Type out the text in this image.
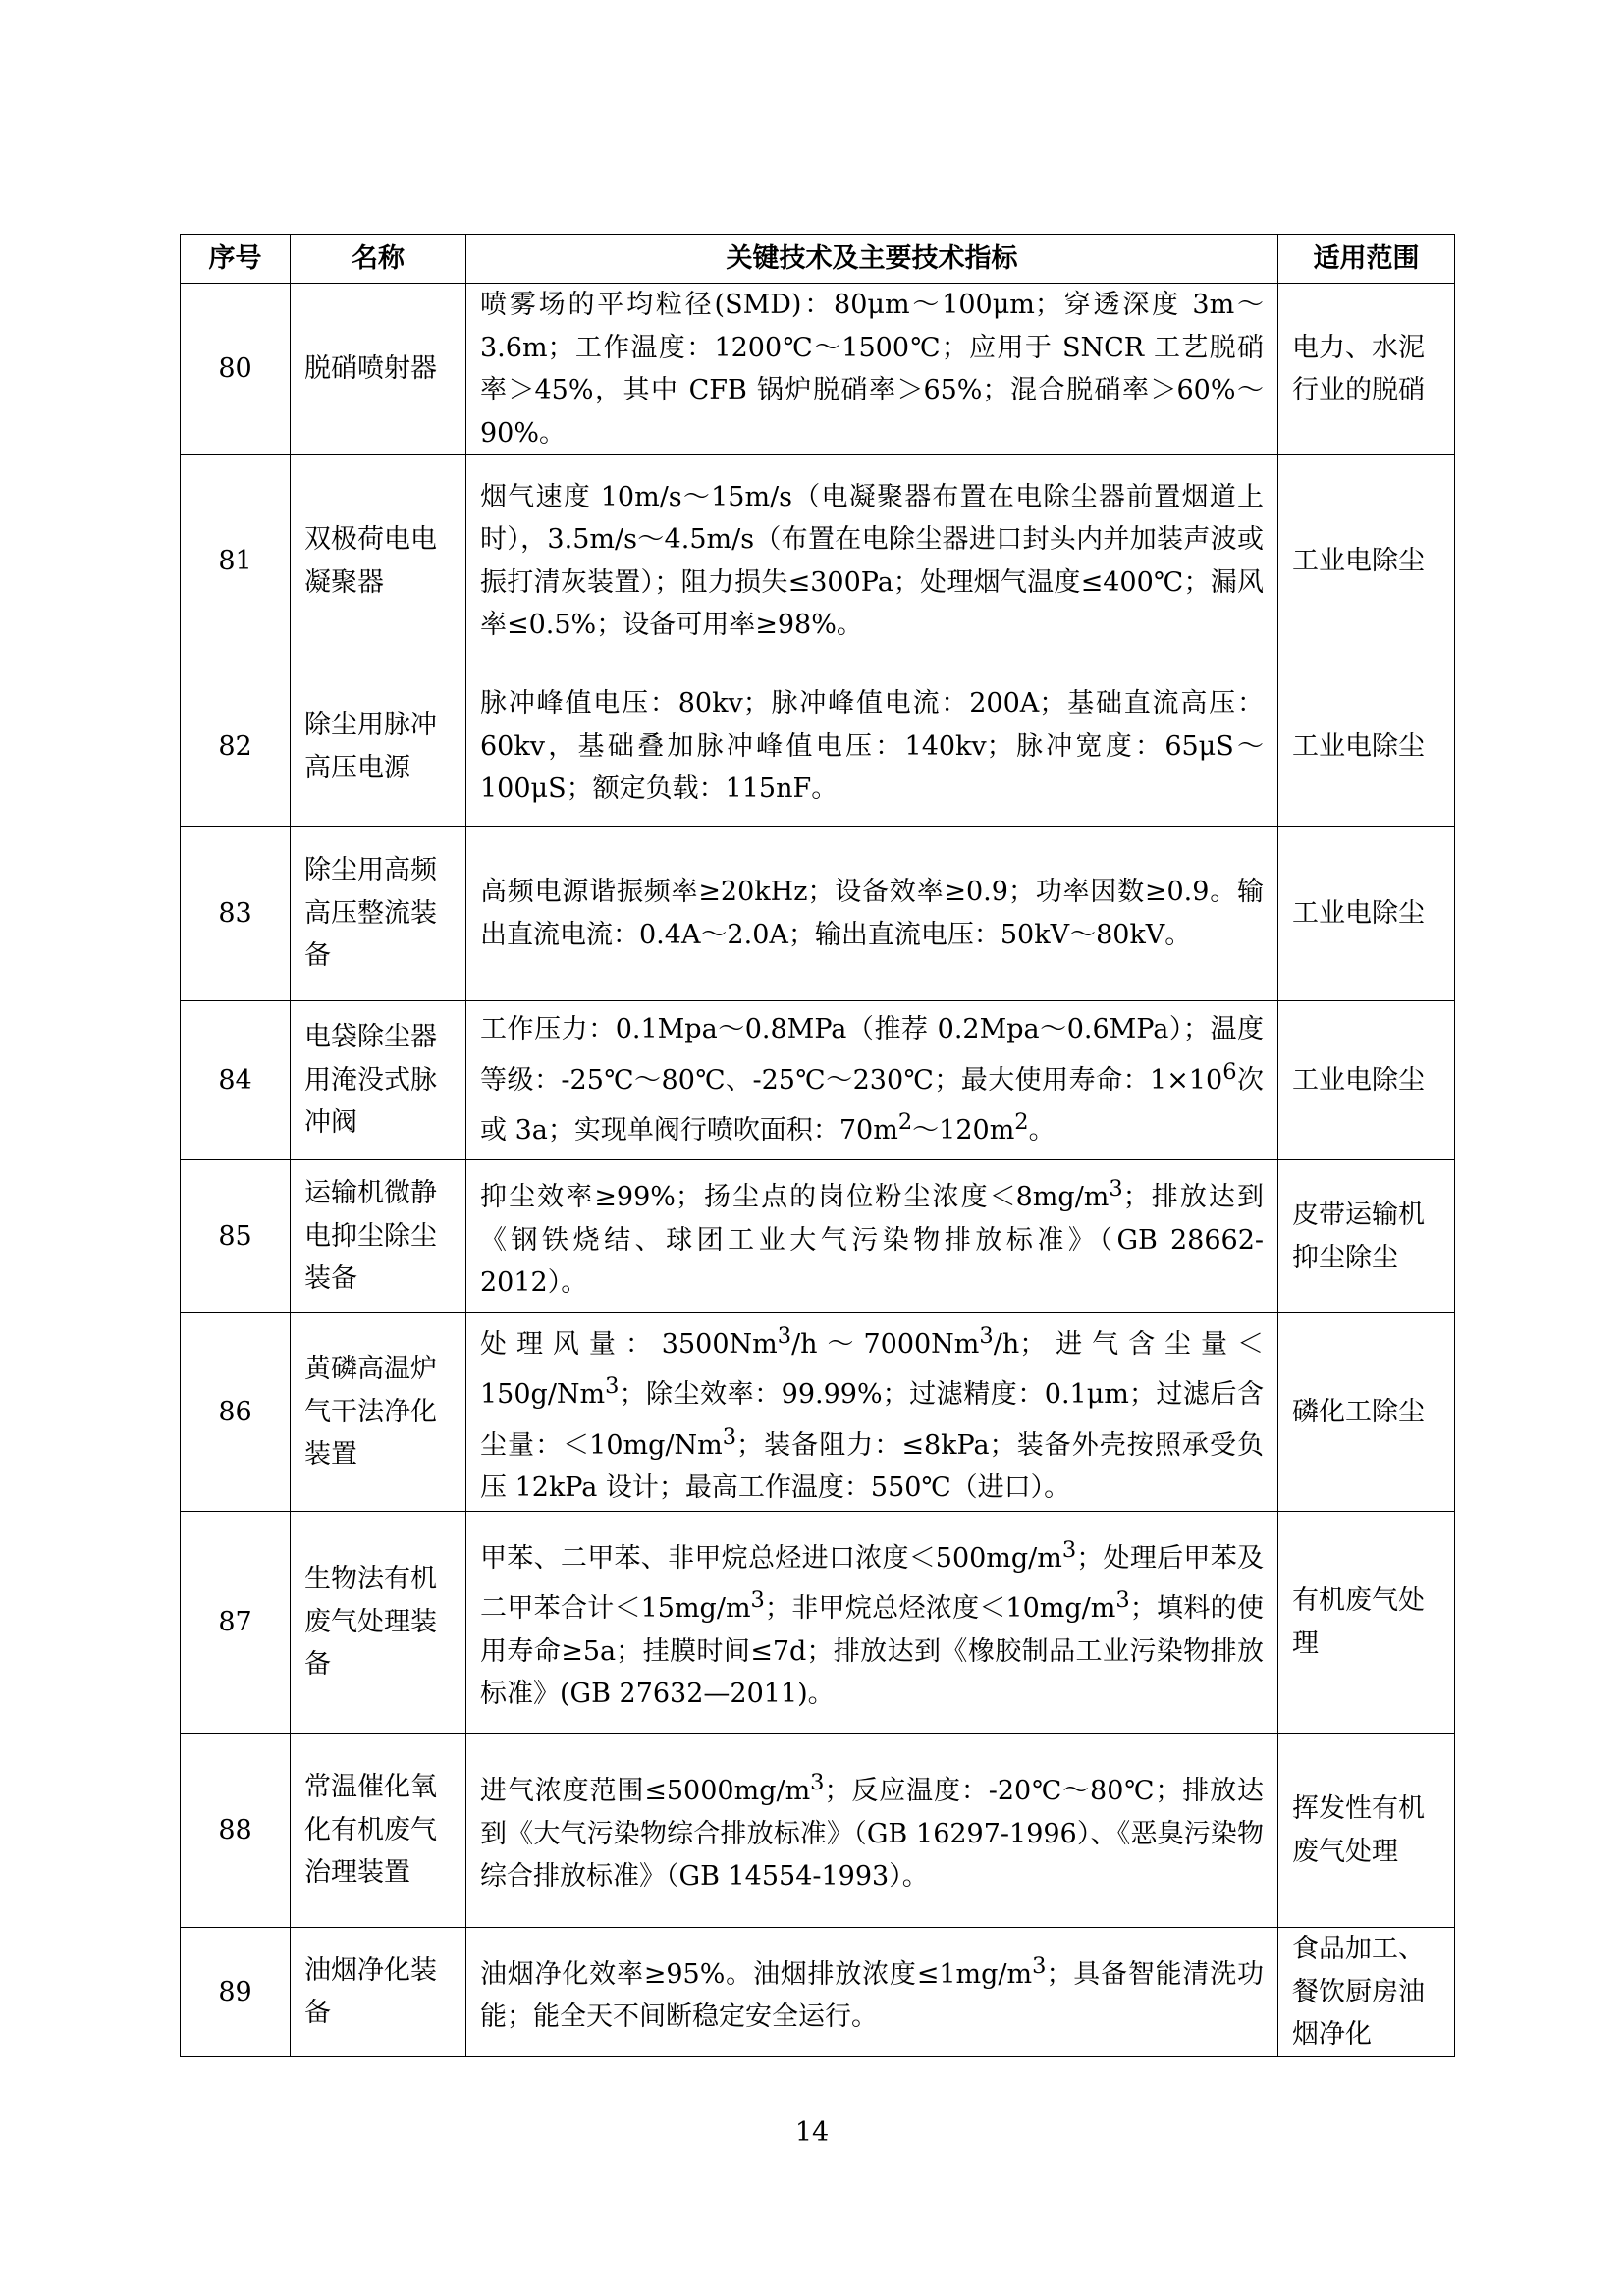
序号	名称	关键技术及主要技术指标	适用范围
80	脱硝喷射器	喷雾场的平均粒径(SMD)：80μm～100μm；穿透深度 3m～3.6m；工作温度：1200℃～1500℃；应用于 SNCR 工艺脱硝率＞45%，其中 CFB 锅炉脱硝率＞65%；混合脱硝率＞60%～90%。	电力、水泥行业的脱硝
81	双极荷电电凝聚器	烟气速度 10m/s～15m/s（电凝聚器布置在电除尘器前置烟道上时），3.5m/s～4.5m/s（布置在电除尘器进口封头内并加装声波或振打清灰装置）；阻力损失≤300Pa；处理烟气温度≤400℃；漏风率≤0.5%；设备可用率≥98%。	工业电除尘
82	除尘用脉冲高压电源	脉冲峰值电压：80kv；脉冲峰值电流：200A；基础直流高压：60kv，基础叠加脉冲峰值电压：140kv；脉冲宽度：65μS～100μS；额定负载：115nF。	工业电除尘
83	除尘用高频高压整流装备	高频电源谐振频率≥20kHz；设备效率≥0.9；功率因数≥0.9。输出直流电流：0.4A～2.0A；输出直流电压：50kV～80kV。	工业电除尘
84	电袋除尘器用淹没式脉冲阀	工作压力：0.1Mpa～0.8MPa（推荐 0.2Mpa～0.6MPa）；温度等级：-25℃～80℃、-25℃～230℃；最大使用寿命：$1\times 10^6$次或 3a；实现单阀行喷吹面积：$70m^2\sim 120m^2$。	工业电除尘
85	运输机微静电抑尘除尘装备	抑尘效率≥99%；扬尘点的岗位粉尘浓度$<8mg/m^3$；排放达到《钢铁烧结、球团工业大气污染物排放标准》（GB 28662-2012）。	皮带运输机抑尘除尘
86	黄磷高温炉气干法净化装置	处理风量：3500Nm$^3$/h～7000Nm$^3$/h；进气含尘量$<150g/Nm^3$；除尘效率：99.99%；过滤精度：0.1μm；过滤后含尘量：$<10mg/Nm^3$；装备阻力：≤8kPa；装备外壳按照承受负压 12kPa 设计；最高工作温度：550℃（进口）。	磷化工除尘
87	生物法有机废气处理装备	甲苯、二甲苯、非甲烷总烃进口浓度$<500mg/m^3$；处理后甲苯及二甲苯合计$<15mg/m^3$；非甲烷总烃浓度$<10mg/m^3$；填料的使用寿命≥5a；挂膜时间≤7d；排放达到《橡胶制品工业污染物排放标准》(GB 27632—2011)。	有机废气处理
88	常温催化氧化有机废气治理装置	进气浓度范围$\le 5000mg/m^3$；反应温度：-20℃～80℃；排放达到《大气污染物综合排放标准》（GB 16297-1996）、《恶臭污染物综合排放标准》（GB 14554-1993）。	挥发性有机废气处理
89	油烟净化装备	油烟净化效率≥95%。油烟排放浓度$\le 1mg/m^3$；具备智能清洗功能；能全天不间断稳定安全运行。	食品加工、餐饮厨房油烟净化
14
